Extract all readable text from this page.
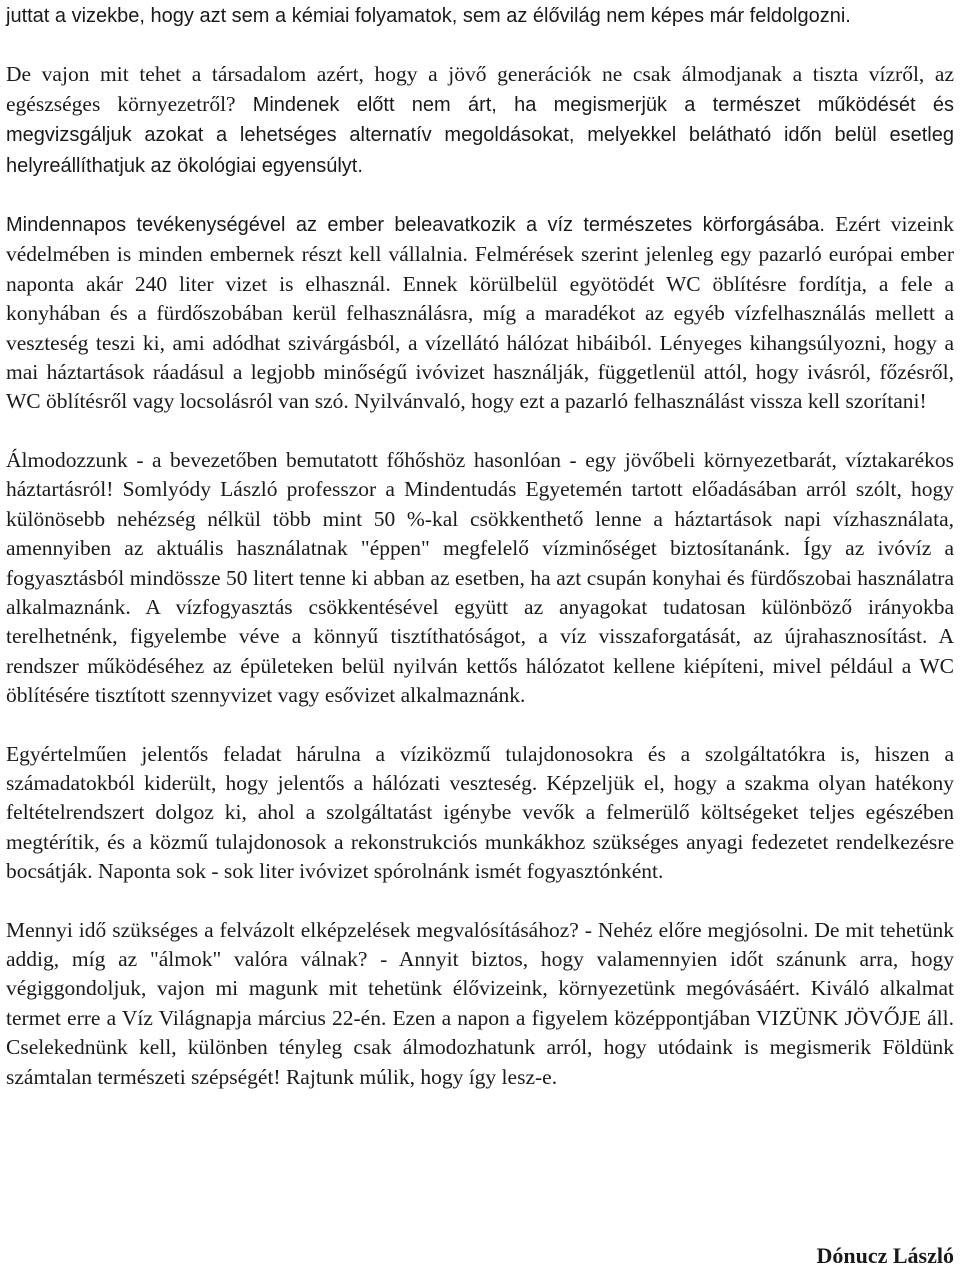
juttat a vizekbe, hogy azt sem a kémiai folyamatok, sem az élővilág nem képes már feldolgozni.

De vajon mit tehet a társadalom azért, hogy a jövő generációk ne csak álmodjanak a tiszta vízről, az egészséges környezetről? Mindenek előtt nem árt, ha megismerjük a természet működését és megvizsgáljuk azokat a lehetséges alternatív megoldásokat, melyekkel belátható időn belül esetleg helyreállíthatjuk az ökológiai egyensúlyt.

Mindennapos tevékenységével az ember beleavatkozik a víz természetes körforgásába. Ezért vizeink védelmében is minden embernek részt kell vállalnia. Felmérések szerint jelenleg egy pazarló európai ember naponta akár 240 liter vizet is elhasznál. Ennek körülbelül egyötödét WC öblítésre fordítja, a fele a konyhában és a fürdőszobában kerül felhasználásra, míg a maradékot az egyéb vízfelhasználás mellett a veszteség teszi ki, ami adódhat szivárgásból, a vízellátó hálózat hibáiból. Lényeges kihangsúlyozni, hogy a mai háztartások ráadásul a legjobb minőségű ivóvizet használják, függetlenül attól, hogy ivásról, főzésről, WC öblítésről vagy locsolásról van szó. Nyilvánvaló, hogy ezt a pazarló felhasználást vissza kell szorítani!

Álmodozzunk - a bevezetőben bemutatott főhőshöz hasonlóan - egy jövőbeli környezetbarát, víztakarékos háztartásról! Somlyódy László professzor a Mindentudás Egyetemén tartott előadásában arról szólt, hogy különösebb nehézség nélkül több mint 50 %-kal csökkenthető lenne a háztartások napi vízhasználata, amennyiben az aktuális használatnak "éppen" megfelelő vízminőséget biztosítanánk. Így az ivóvíz a fogyasztásból mindössze 50 litert tenne ki abban az esetben, ha azt csupán konyhai és fürdőszobai használatra alkalmaznánk. A vízfogyasztás csökkentésével együtt az anyagokat tudatosan különböző irányokba terelhetnénk, figyelembe véve a könnyű tisztíthatóságot, a víz visszaforgatását, az újrahasznosítást. A rendszer működéséhez az épületeken belül nyilván kettős hálózatot kellene kiépíteni, mivel például a WC öblítésére tisztított szennyvizet vagy esővizet alkalmaznánk.

Egyértelműen jelentős feladat hárulna a víziközmű tulajdonosokra és a szolgáltatókra is, hiszen a számadatokból kiderült, hogy jelentős a hálózati veszteség. Képzeljük el, hogy a szakma olyan hatékony feltételrendszert dolgoz ki, ahol a szolgáltatást igénybe vevők a felmerülő költségeket teljes egészében megtérítik, és a közmű tulajdonosok a rekonstrukciós munkákhoz szükséges anyagi fedezetet rendelkezésre bocsátják. Naponta sok - sok liter ivóvizet spórolnánk ismét fogyasztónként.

Mennyi idő szükséges a felvázolt elképzelések megvalósításához? - Nehéz előre megjósolni. De mit tehetünk addig, míg az "álmok" valóra válnak? - Annyit biztos, hogy valamennyien időt szánunk arra, hogy végiggondoljuk, vajon mi magunk mit tehetünk élővizeink, környezetünk megóvásáért. Kiváló alkalmat termet erre a Víz Világnapja március 22-én. Ezen a napon a figyelem középpontjában VIZÜNK JÖVŐJE áll. Cselekednünk kell, különben tényleg csak álmodozhatunk arról, hogy utódaink is megismerik Földünk számtalan természeti szépségét! Rajtunk múlik, hogy így lesz-e.

Dónucz László
